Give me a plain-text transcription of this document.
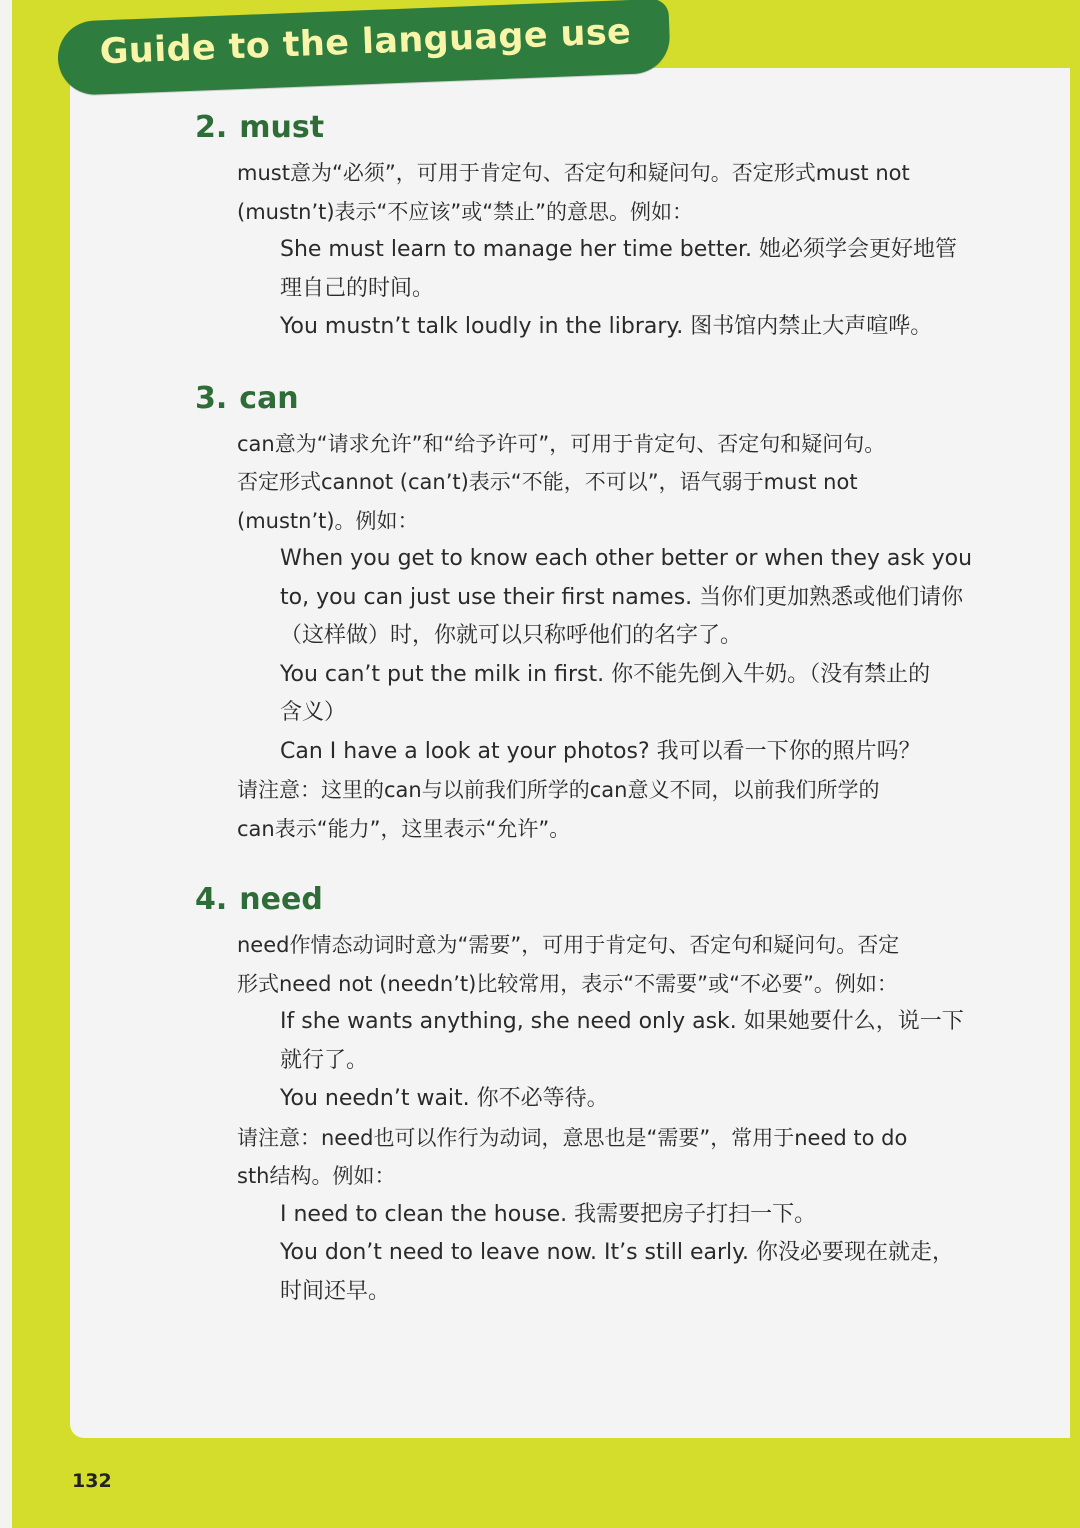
Guide to the language use
2. must
must意为“必须”，可用于肯定句、否定句和疑问句。否定形式must not
(mustn’t)表示“不应该”或“禁止”的意思。例如：
She must learn to manage her time better. 她必须学会更好地管
理自己的时间。
You mustn’t talk loudly in the library. 图书馆内禁止大声喧哗。
3. can
can意为“请求允许”和“给予许可”，可用于肯定句、否定句和疑问句。
否定形式cannot (can’t)表示“不能，不可以”，语气弱于must not
(mustn’t)。例如：
When you get to know each other better or when they ask you
to, you can just use their first names. 当你们更加熟悉或他们请你
（这样做）时，你就可以只称呼他们的名字了。
You can’t put the milk in first. 你不能先倒入牛奶。（没有禁止的
含义）
Can I have a look at your photos? 我可以看一下你的照片吗？
请注意：这里的can与以前我们所学的can意义不同，以前我们所学的
can表示“能力”，这里表示“允许”。
4. need
need作情态动词时意为“需要”，可用于肯定句、否定句和疑问句。否定
形式need not (needn’t)比较常用，表示“不需要”或“不必要”。例如：
If she wants anything, she need only ask. 如果她要什么，说一下
就行了。
You needn’t wait. 你不必等待。
请注意：need也可以作行为动词，意思也是“需要”，常用于need to do
sth结构。例如：
I need to clean the house. 我需要把房子打扫一下。
You don’t need to leave now. It’s still early. 你没必要现在就走，
时间还早。
132
